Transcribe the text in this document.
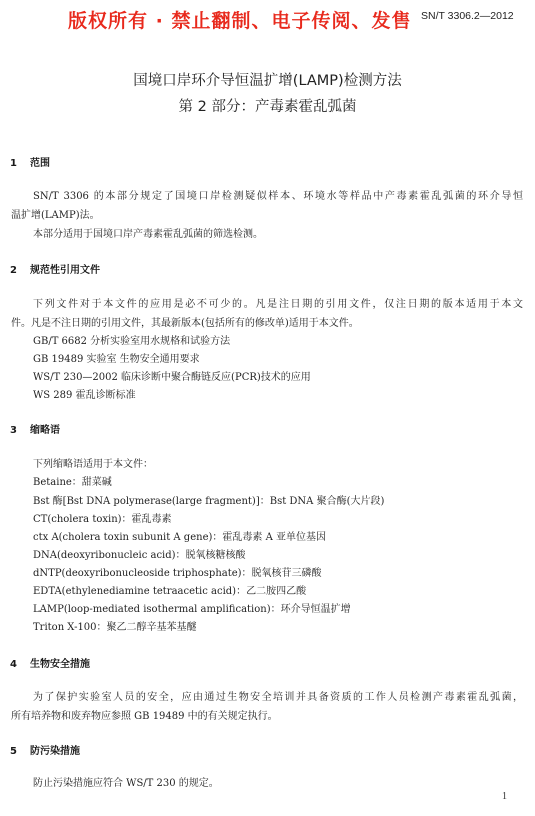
版权所有 · 禁止翻制、电子传阅、发售 SN/T 3306.2—2012
国境口岸环介导恒温扩增(LAMP)检测方法
第 2 部分：产毒素霍乱弧菌
1 范围
SN/T 3306 的本部分规定了国境口岸检测疑似样本、环境水等样品中产毒素霍乱弧菌的环介导恒
温扩增(LAMP)法。
本部分适用于国境口岸产毒素霍乱弧菌的筛选检测。
2 规范性引用文件
下列文件对于本文件的应用是必不可少的。凡是注日期的引用文件，仅注日期的版本适用于本文
件。凡是不注日期的引用文件，其最新版本(包括所有的修改单)适用于本文件。
GB/T 6682 分析实验室用水规格和试验方法
GB 19489 实验室 生物安全通用要求
WS/T 230—2002 临床诊断中聚合酶链反应(PCR)技术的应用
WS 289 霍乱诊断标准
3 缩略语
下列缩略语适用于本文件：
Betaine：甜菜碱
Bst 酶[Bst DNA polymerase(large fragment)]：Bst DNA 聚合酶(大片段)
CT(cholera toxin)：霍乱毒素
ctx A(cholera toxin subunit A gene)：霍乱毒素 A 亚单位基因
DNA(deoxyribonucleic acid)：脱氧核糖核酸
dNTP(deoxyribonucleoside triphosphate)：脱氧核苷三磷酸
EDTA(ethylenediamine tetraacetic acid)：乙二胺四乙酸
LAMP(loop-mediated isothermal amplification)：环介导恒温扩增
Triton X-100：聚乙二醇辛基苯基醚
4 生物安全措施
为了保护实验室人员的安全，应由通过生物安全培训并具备资质的工作人员检测产毒素霍乱弧菌，
所有培养物和废弃物应参照 GB 19489 中的有关规定执行。
5 防污染措施
防止污染措施应符合 WS/T 230 的规定。
1
